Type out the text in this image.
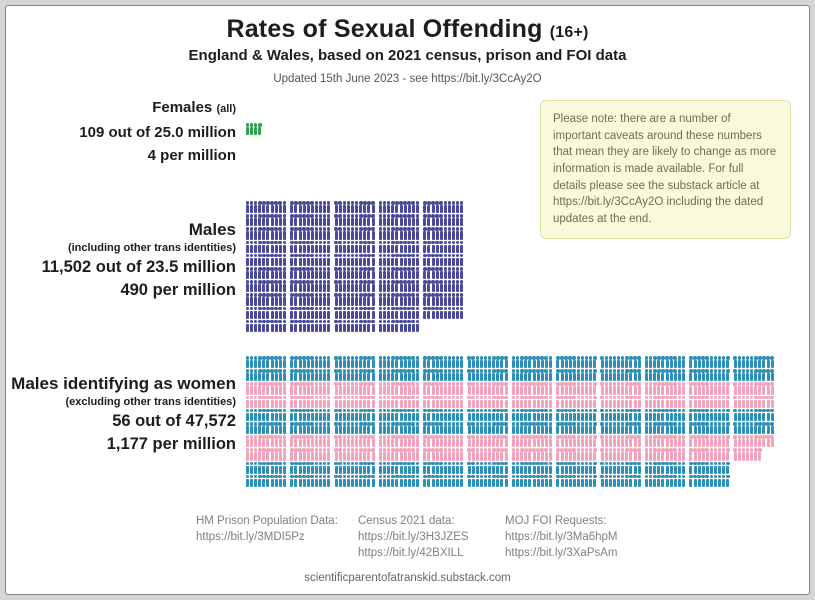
Rates of Sexual Offending (16+)
England & Wales, based on 2021 census, prison and FOI data
Updated 15th June 2023 - see https://bit.ly/3CcAy2O
Females (all)
109 out of 25.0 million
4 per million

Please note: there are a number of important caveats around these numbers that mean they are likely to change as more information is made available. For full details please see the substack article at https://bit.ly/3CcAy2O including the dated updates at the end.

Males
(including other trans identities)
11,502 out of 23.5 million
490 per million
Males identifying as women
(excluding other trans identities)
56 out of 47,572
1,177 per million
HM Prison Population Data:
https://bit.ly/3MDI5Pz
Census 2021 data:
https://bit.ly/3H3JZES
https://bit.ly/42BXILL
MOJ FOI Requests:
https://bit.ly/3Ma6hpM
https://bit.ly/3XaPsAm
scientificparentofatranskid.substack.com
